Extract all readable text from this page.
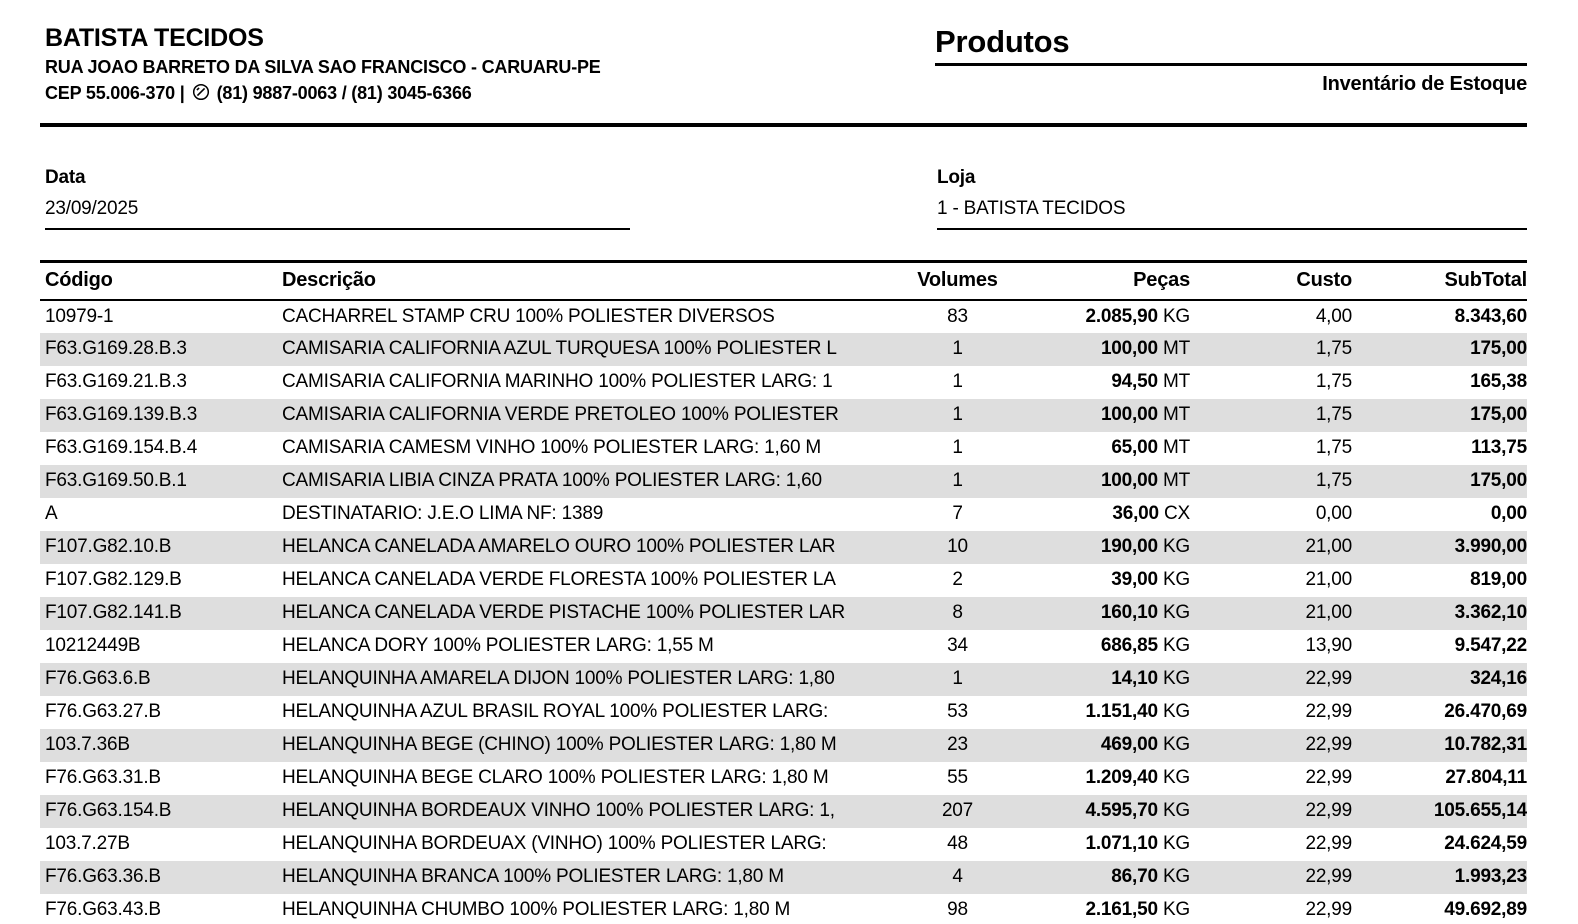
BATISTA TECIDOS
RUA JOAO BARRETO DA SILVA SAO FRANCISCO - CARUARU-PE
CEP 55.006-370 | (81) 9887-0063 / (81) 3045-6366
Produtos
Inventário de Estoque
Data
23/09/2025
Loja
1 - BATISTA TECIDOS
Código	Descrição	Volumes	Peças	Custo	SubTotal
10979-1	CACHARREL STAMP CRU 100% POLIESTER DIVERSOS	83	2.085,90 KG	4,00	8.343,60
F63.G169.28.B.3	CAMISARIA CALIFORNIA AZUL TURQUESA 100% POLIESTER L	1	100,00 MT	1,75	175,00
F63.G169.21.B.3	CAMISARIA CALIFORNIA MARINHO 100% POLIESTER LARG: 1	1	94,50 MT	1,75	165,38
F63.G169.139.B.3	CAMISARIA CALIFORNIA VERDE PRETOLEO 100% POLIESTER	1	100,00 MT	1,75	175,00
F63.G169.154.B.4	CAMISARIA CAMESM VINHO 100% POLIESTER LARG: 1,60 M	1	65,00 MT	1,75	113,75
F63.G169.50.B.1	CAMISARIA LIBIA CINZA PRATA 100% POLIESTER LARG: 1,60	1	100,00 MT	1,75	175,00
A	DESTINATARIO: J.E.O LIMA NF: 1389	7	36,00 CX	0,00	0,00
F107.G82.10.B	HELANCA CANELADA AMARELO OURO 100% POLIESTER LAR	10	190,00 KG	21,00	3.990,00
F107.G82.129.B	HELANCA CANELADA VERDE FLORESTA 100% POLIESTER LA	2	39,00 KG	21,00	819,00
F107.G82.141.B	HELANCA CANELADA VERDE PISTACHE 100% POLIESTER LAR	8	160,10 KG	21,00	3.362,10
10212449B	HELANCA DORY 100% POLIESTER LARG: 1,55 M	34	686,85 KG	13,90	9.547,22
F76.G63.6.B	HELANQUINHA AMARELA DIJON 100% POLIESTER LARG: 1,80	1	14,10 KG	22,99	324,16
F76.G63.27.B	HELANQUINHA AZUL BRASIL ROYAL 100% POLIESTER LARG:	53	1.151,40 KG	22,99	26.470,69
103.7.36B	HELANQUINHA BEGE (CHINO) 100% POLIESTER LARG: 1,80 M	23	469,00 KG	22,99	10.782,31
F76.G63.31.B	HELANQUINHA BEGE CLARO 100% POLIESTER LARG: 1,80 M	55	1.209,40 KG	22,99	27.804,11
F76.G63.154.B	HELANQUINHA BORDEAUX VINHO 100% POLIESTER LARG: 1,	207	4.595,70 KG	22,99	105.655,14
103.7.27B	HELANQUINHA BORDEUAX (VINHO) 100% POLIESTER LARG:	48	1.071,10 KG	22,99	24.624,59
F76.G63.36.B	HELANQUINHA BRANCA 100% POLIESTER LARG: 1,80 M	4	86,70 KG	22,99	1.993,23
F76.G63.43.B	HELANQUINHA CHUMBO 100% POLIESTER LARG: 1,80 M	98	2.161,50 KG	22,99	49.692,89
